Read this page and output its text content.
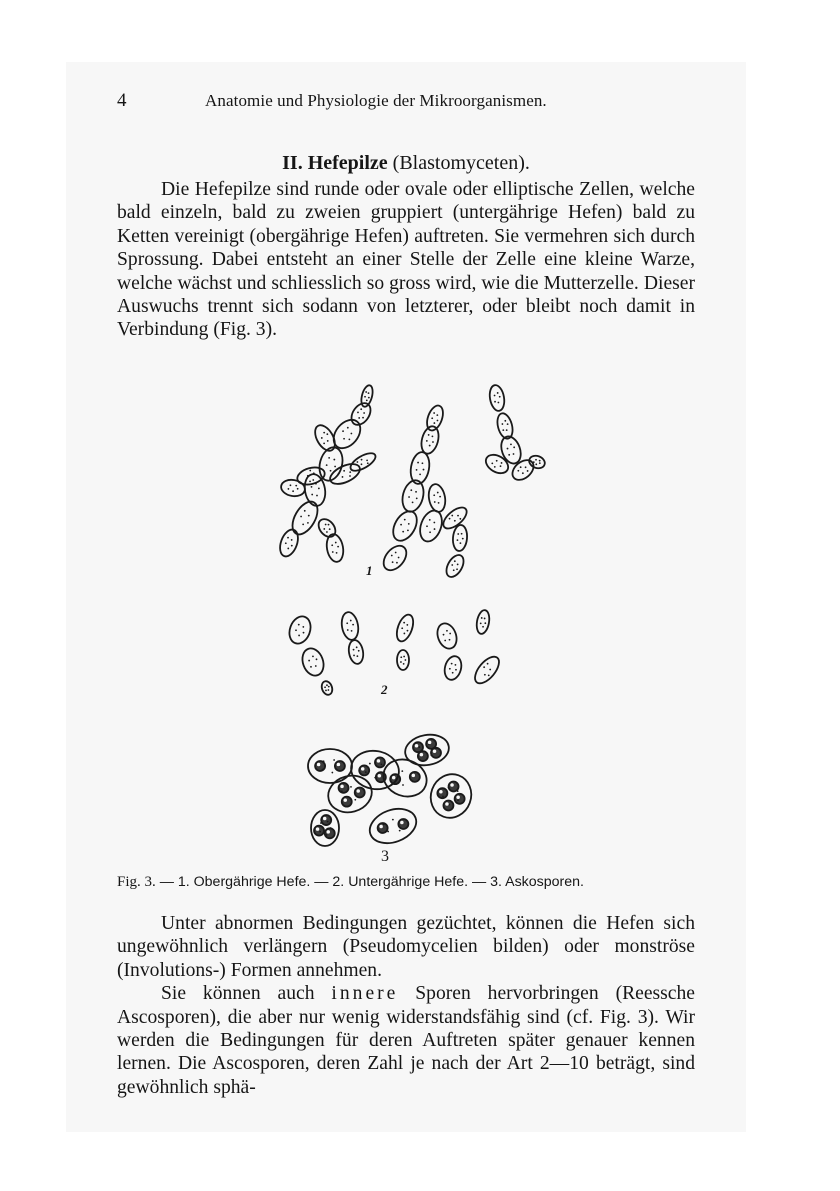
4	Anatomie und Physiologie der Mikroorganismen.
II. Hefepilze (Blastomyceten).

Die Hefepilze sind runde oder ovale oder elliptische Zellen, welche bald einzeln, bald zu zweien gruppiert (untergährige Hefen) bald zu Ketten vereinigt (obergährige Hefen) auftreten. Sie vermehren sich durch Sprossung. Dabei entsteht an einer Stelle der Zelle eine kleine Warze, welche wächst und schliesslich so gross wird, wie die Mutterzelle. Dieser Auswuchs trennt sich sodann von letzterer, oder bleibt noch damit in Verbindung (Fig. 3).

1
2
3
Fig. 3. — 1. Obergährige Hefe. — 2. Untergährige Hefe. — 3. Askosporen.

Unter abnormen Bedingungen gezüchtet, können die Hefen sich ungewöhnlich verlängern (Pseudomycelien bilden) oder monströse (Involutions-) Formen annehmen.

Sie können auch innere Sporen hervorbringen (Reessche Ascosporen), die aber nur wenig widerstandsfähig sind (cf. Fig. 3). Wir werden die Bedingungen für deren Auftreten später genauer kennen lernen. Die Ascosporen, deren Zahl je nach der Art 2—10 beträgt, sind gewöhnlich sphä-
